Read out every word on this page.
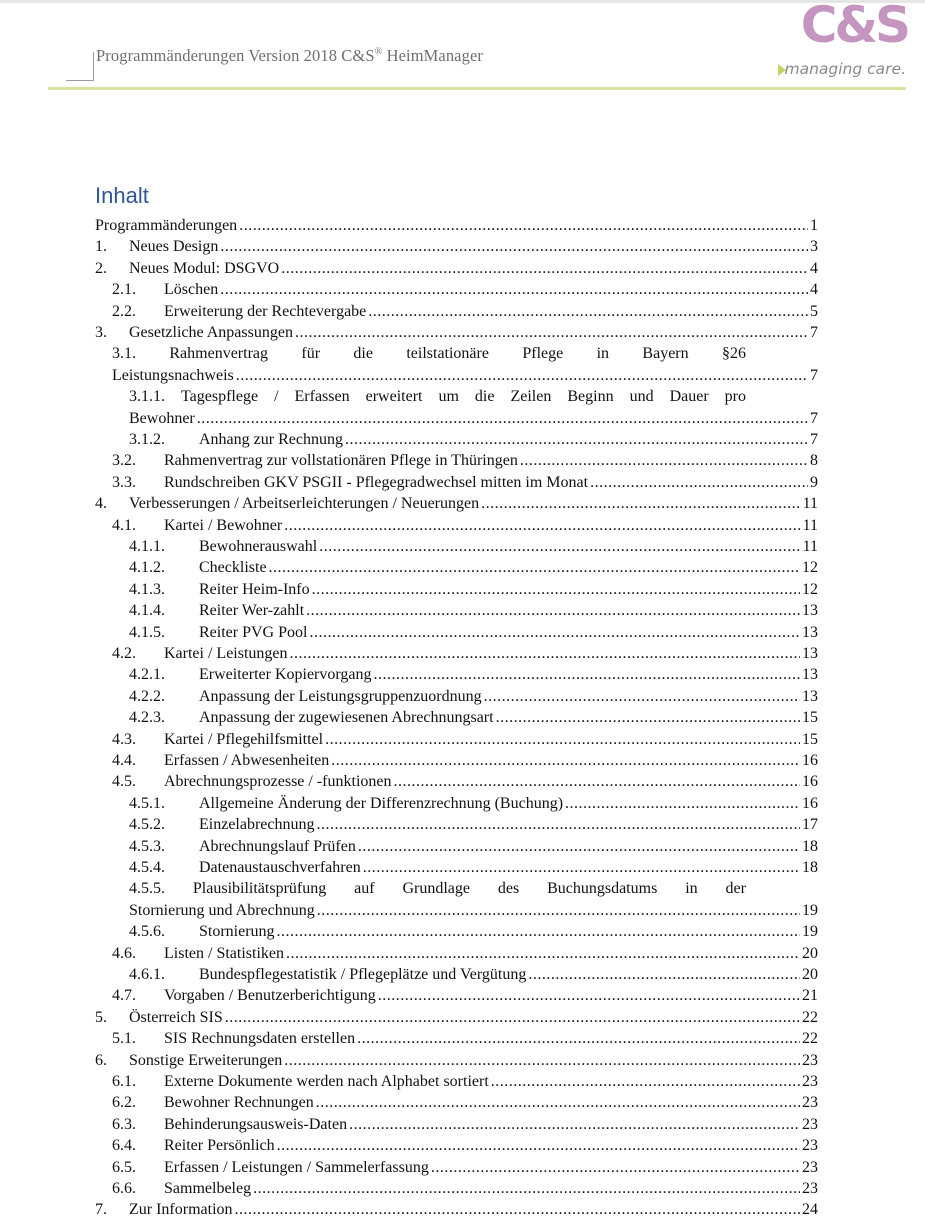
Programmänderungen Version 2018 C&S® HeimManager
C&S
managing care.
Inhalt
Programmänderungen .....	1
1.	Neues Design .....	3
2.	Neues Modul: DSGVO .....	4
2.1.	Löschen .....	4
2.2.	Erweiterung der Rechtevergabe .....	5
3.	Gesetzliche Anpassungen .....	7
3.1. Rahmenvertrag für die teilstationäre Pflege in Bayern §26
Leistungsnachweis .....	7
3.1.1. Tagespflege / Erfassen erweitert um die Zeilen Beginn und Dauer pro
Bewohner .....	7
3.1.2.	Anhang zur Rechnung .....	7
3.2.	Rahmenvertrag zur vollstationären Pflege in Thüringen .....	8
3.3.	Rundschreiben GKV PSGII - Pflegegradwechsel mitten im Monat .....	9
4.	Verbesserungen / Arbeitserleichterungen / Neuerungen .....	11
4.1.	Kartei / Bewohner .....	11
4.1.1.	Bewohnerauswahl .....	11
4.1.2.	Checkliste .....	12
4.1.3.	Reiter Heim-Info .....	12
4.1.4.	Reiter Wer-zahlt .....	13
4.1.5.	Reiter PVG Pool .....	13
4.2.	Kartei / Leistungen .....	13
4.2.1.	Erweiterter Kopiervorgang .....	13
4.2.2.	Anpassung der Leistungsgruppenzuordnung .....	13
4.2.3.	Anpassung der zugewiesenen Abrechnungsart .....	15
4.3.	Kartei / Pflegehilfsmittel .....	15
4.4.	Erfassen / Abwesenheiten .....	16
4.5.	Abrechnungsprozesse / -funktionen .....	16
4.5.1.	Allgemeine Änderung der Differenzrechnung (Buchung) .....	16
4.5.2.	Einzelabrechnung .....	17
4.5.3.	Abrechnungslauf Prüfen .....	18
4.5.4.	Datenaustauschverfahren .....	18
4.5.5. Plausibilitätsprüfung auf Grundlage des Buchungsdatums in der
Stornierung und Abrechnung .....	19
4.5.6.	Stornierung .....	19
4.6.	Listen / Statistiken .....	20
4.6.1.	Bundespflegestatistik / Pflegeplätze und Vergütung .....	20
4.7.	Vorgaben / Benutzerberichtigung .....	21
5.	Österreich SIS .....	22
5.1.	SIS Rechnungsdaten erstellen .....	22
6.	Sonstige Erweiterungen .....	23
6.1.	Externe Dokumente werden nach Alphabet sortiert .....	23
6.2.	Bewohner Rechnungen .....	23
6.3.	Behinderungsausweis-Daten .....	23
6.4.	Reiter Persönlich .....	23
6.5.	Erfassen / Leistungen / Sammelerfassung .....	23
6.6.	Sammelbeleg .....	23
7.	Zur Information .....	24
